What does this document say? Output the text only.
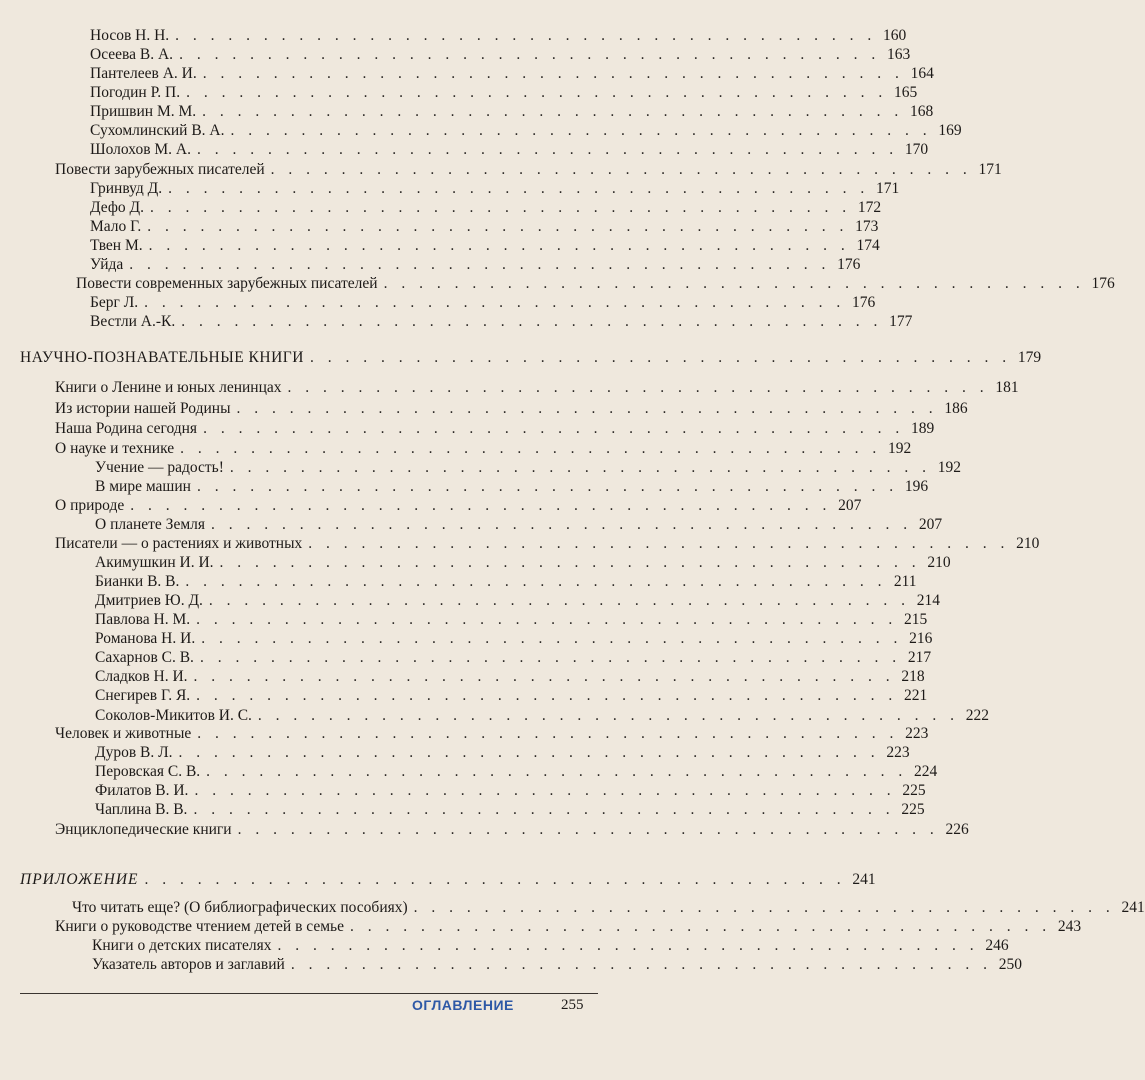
Носов Н. Н. . . . . . . . . . . . . . . . . . . . . . . . . . . . . . . . . . . . . . . . . 160
Осеева В. А. . . . . . . . . . . . . . . . . . . . . . . . . . . . . . . . . . . . . . . . . 163
Пантелеев А. И. . . . . . . . . . . . . . . . . . . . . . . . . . . . . . . . . . . . . . . . . 164
Погодин Р. П. . . . . . . . . . . . . . . . . . . . . . . . . . . . . . . . . . . . . . . . . 165
Пришвин М. М. . . . . . . . . . . . . . . . . . . . . . . . . . . . . . . . . . . . . . . . . 168
Сухомлинский В. А. . . . . . . . . . . . . . . . . . . . . . . . . . . . . . . . . . . . . . . . . 169
Шолохов М. А. . . . . . . . . . . . . . . . . . . . . . . . . . . . . . . . . . . . . . . . . 170
Повести зарубежных писателей . . . . . . . . . . . . . . . . . . . . . . . . . . . . . . . . . . . . . . . . 171
Гринвуд Д. . . . . . . . . . . . . . . . . . . . . . . . . . . . . . . . . . . . . . . . . 171
Дефо Д. . . . . . . . . . . . . . . . . . . . . . . . . . . . . . . . . . . . . . . . . 172
Мало Г. . . . . . . . . . . . . . . . . . . . . . . . . . . . . . . . . . . . . . . . . 173
Твен М. . . . . . . . . . . . . . . . . . . . . . . . . . . . . . . . . . . . . . . . . 174
Уйда . . . . . . . . . . . . . . . . . . . . . . . . . . . . . . . . . . . . . . . . 176
Повести современных зарубежных писателей . . . . . . . . . . . . . . . . . . . . . . . . . . . . . . . . . . . . . . . . 176
Берг Л. . . . . . . . . . . . . . . . . . . . . . . . . . . . . . . . . . . . . . . . . 176
Вестли А.-К. . . . . . . . . . . . . . . . . . . . . . . . . . . . . . . . . . . . . . . . . 177
НАУЧНО-ПОЗНАВАТЕЛЬНЫЕ КНИГИ . . . . . . . . . . . . . . . . . . . . . . . . . . . . . . . . . . . . . . . . 179
Книги о Ленине и юных ленинцах . . . . . . . . . . . . . . . . . . . . . . . . . . . . . . . . . . . . . . . . 181
Из истории нашей Родины . . . . . . . . . . . . . . . . . . . . . . . . . . . . . . . . . . . . . . . . 186
Наша Родина сегодня . . . . . . . . . . . . . . . . . . . . . . . . . . . . . . . . . . . . . . . . 189
О науке и технике . . . . . . . . . . . . . . . . . . . . . . . . . . . . . . . . . . . . . . . . 192
Учение — радость! . . . . . . . . . . . . . . . . . . . . . . . . . . . . . . . . . . . . . . . . 192
В мире машин . . . . . . . . . . . . . . . . . . . . . . . . . . . . . . . . . . . . . . . . 196
О природе . . . . . . . . . . . . . . . . . . . . . . . . . . . . . . . . . . . . . . . . 207
О планете Земля . . . . . . . . . . . . . . . . . . . . . . . . . . . . . . . . . . . . . . . . 207
Писатели — о растениях и животных . . . . . . . . . . . . . . . . . . . . . . . . . . . . . . . . . . . . . . . . 210
Акимушкин И. И. . . . . . . . . . . . . . . . . . . . . . . . . . . . . . . . . . . . . . . . . 210
Бианки В. В. . . . . . . . . . . . . . . . . . . . . . . . . . . . . . . . . . . . . . . . . 211
Дмитриев Ю. Д. . . . . . . . . . . . . . . . . . . . . . . . . . . . . . . . . . . . . . . . . 214
Павлова Н. М. . . . . . . . . . . . . . . . . . . . . . . . . . . . . . . . . . . . . . . . . 215
Романова Н. И. . . . . . . . . . . . . . . . . . . . . . . . . . . . . . . . . . . . . . . . . 216
Сахарнов С. В. . . . . . . . . . . . . . . . . . . . . . . . . . . . . . . . . . . . . . . . . 217
Сладков Н. И. . . . . . . . . . . . . . . . . . . . . . . . . . . . . . . . . . . . . . . . . 218
Снегирев Г. Я. . . . . . . . . . . . . . . . . . . . . . . . . . . . . . . . . . . . . . . . . 221
Соколов-Микитов И. С. . . . . . . . . . . . . . . . . . . . . . . . . . . . . . . . . . . . . . . . . 222
Человек и животные . . . . . . . . . . . . . . . . . . . . . . . . . . . . . . . . . . . . . . . . 223
Дуров В. Л. . . . . . . . . . . . . . . . . . . . . . . . . . . . . . . . . . . . . . . . . 223
Перовская С. В. . . . . . . . . . . . . . . . . . . . . . . . . . . . . . . . . . . . . . . . . 224
Филатов В. И. . . . . . . . . . . . . . . . . . . . . . . . . . . . . . . . . . . . . . . . . 225
Чаплина В. В. . . . . . . . . . . . . . . . . . . . . . . . . . . . . . . . . . . . . . . . . 225
Энциклопедические книги . . . . . . . . . . . . . . . . . . . . . . . . . . . . . . . . . . . . . . . . 226
ПРИЛОЖЕНИЕ . . . . . . . . . . . . . . . . . . . . . . . . . . . . . . . . . . . . . . . . 241
Что читать еще? (О библиографических пособиях) . . . . . . . . . . . . . . . . . . . . . . . . . . . . . . . . . . . . . . . . 241
Книги о руководстве чтением детей в семье . . . . . . . . . . . . . . . . . . . . . . . . . . . . . . . . . . . . . . . . 243
Книги о детских писателях . . . . . . . . . . . . . . . . . . . . . . . . . . . . . . . . . . . . . . . . 246
Указатель авторов и заглавий . . . . . . . . . . . . . . . . . . . . . . . . . . . . . . . . . . . . . . . . 250
ОГЛАВЛЕНИЕ	255
